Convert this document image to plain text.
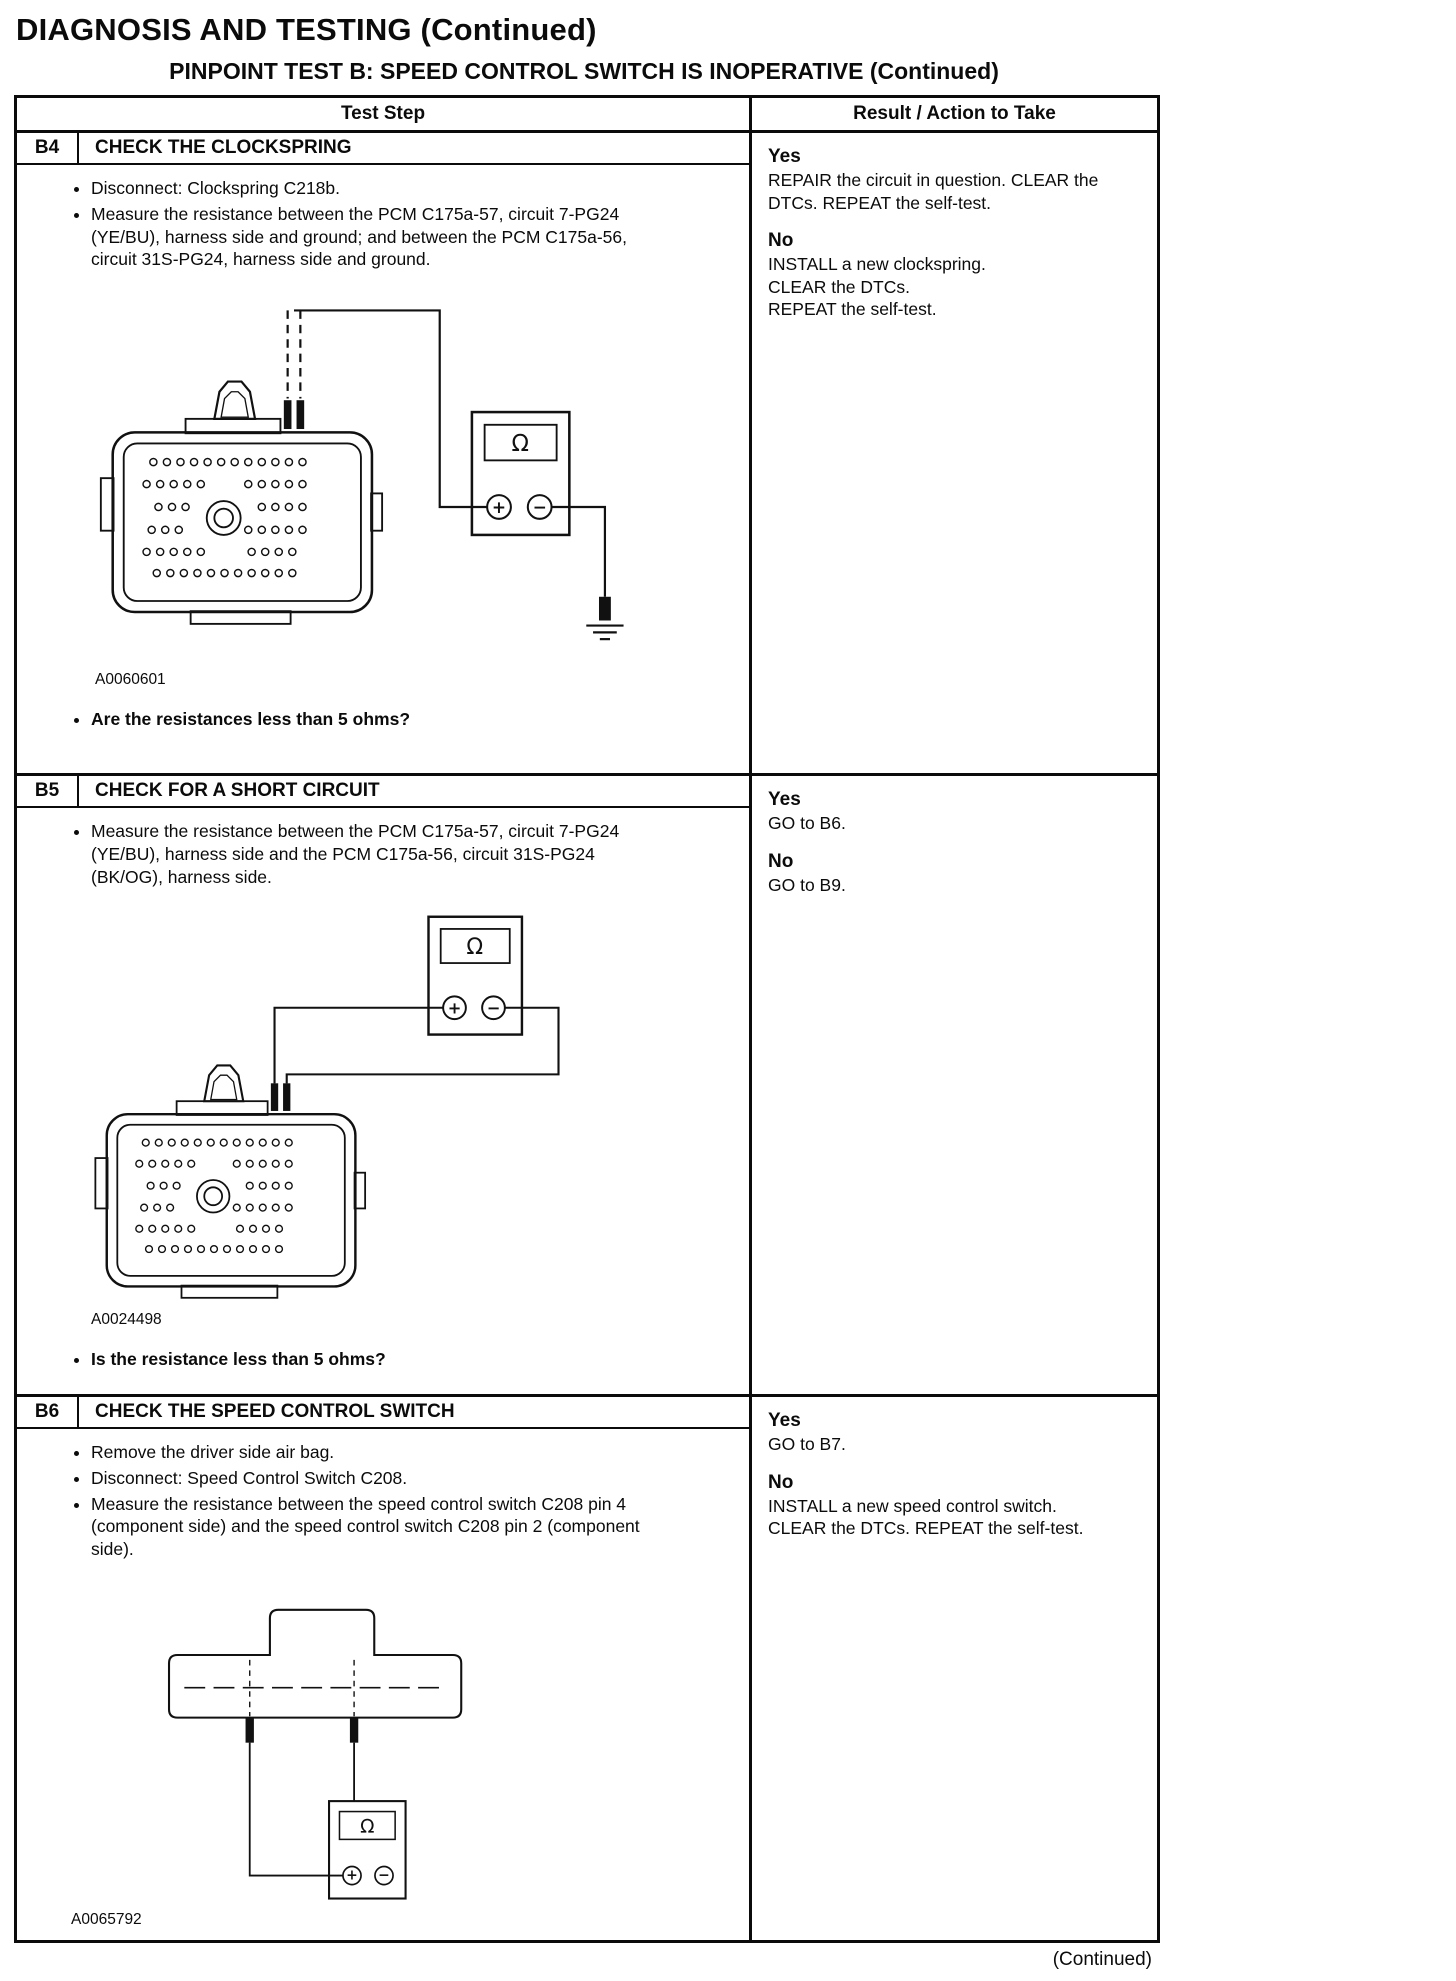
DIAGNOSIS AND TESTING (Continued)
PINPOINT TEST B: SPEED CONTROL SWITCH IS INOPERATIVE (Continued)
Test Step	Result / Action to Take
B4	CHECK THE CLOCKSPRING
• Disconnect: Clockspring C218b.
• Measure the resistance between the PCM C175a-57, circuit 7-PG24 (YE/BU), harness side and ground; and between the PCM C175a-56, circuit 31S-PG24, harness side and ground.
Ω
+ −
A0060601
• Are the resistances less than 5 ohms?

Yes

REPAIR the circuit in question. CLEAR the DTCs. REPEAT the self-test.

No

INSTALL a new clockspring.

CLEAR the DTCs.

REPEAT the self-test.

B5	CHECK FOR A SHORT CIRCUIT
• Measure the resistance between the PCM C175a-57, circuit 7-PG24 (YE/BU), harness side and the PCM C175a-56, circuit 31S-PG24 (BK/OG), harness side.
Ω
+ −
A0024498
• Is the resistance less than 5 ohms?

Yes

GO to B6.

No

GO to B9.

B6	CHECK THE SPEED CONTROL SWITCH
• Remove the driver side air bag.
• Disconnect: Speed Control Switch C208.
• Measure the resistance between the speed control switch C208 pin 4 (component side) and the speed control switch C208 pin 2 (component side).
Ω
+ −
A0065792

Yes

GO to B7.

No

INSTALL a new speed control switch.

CLEAR the DTCs. REPEAT the self-test.

(Continued)
